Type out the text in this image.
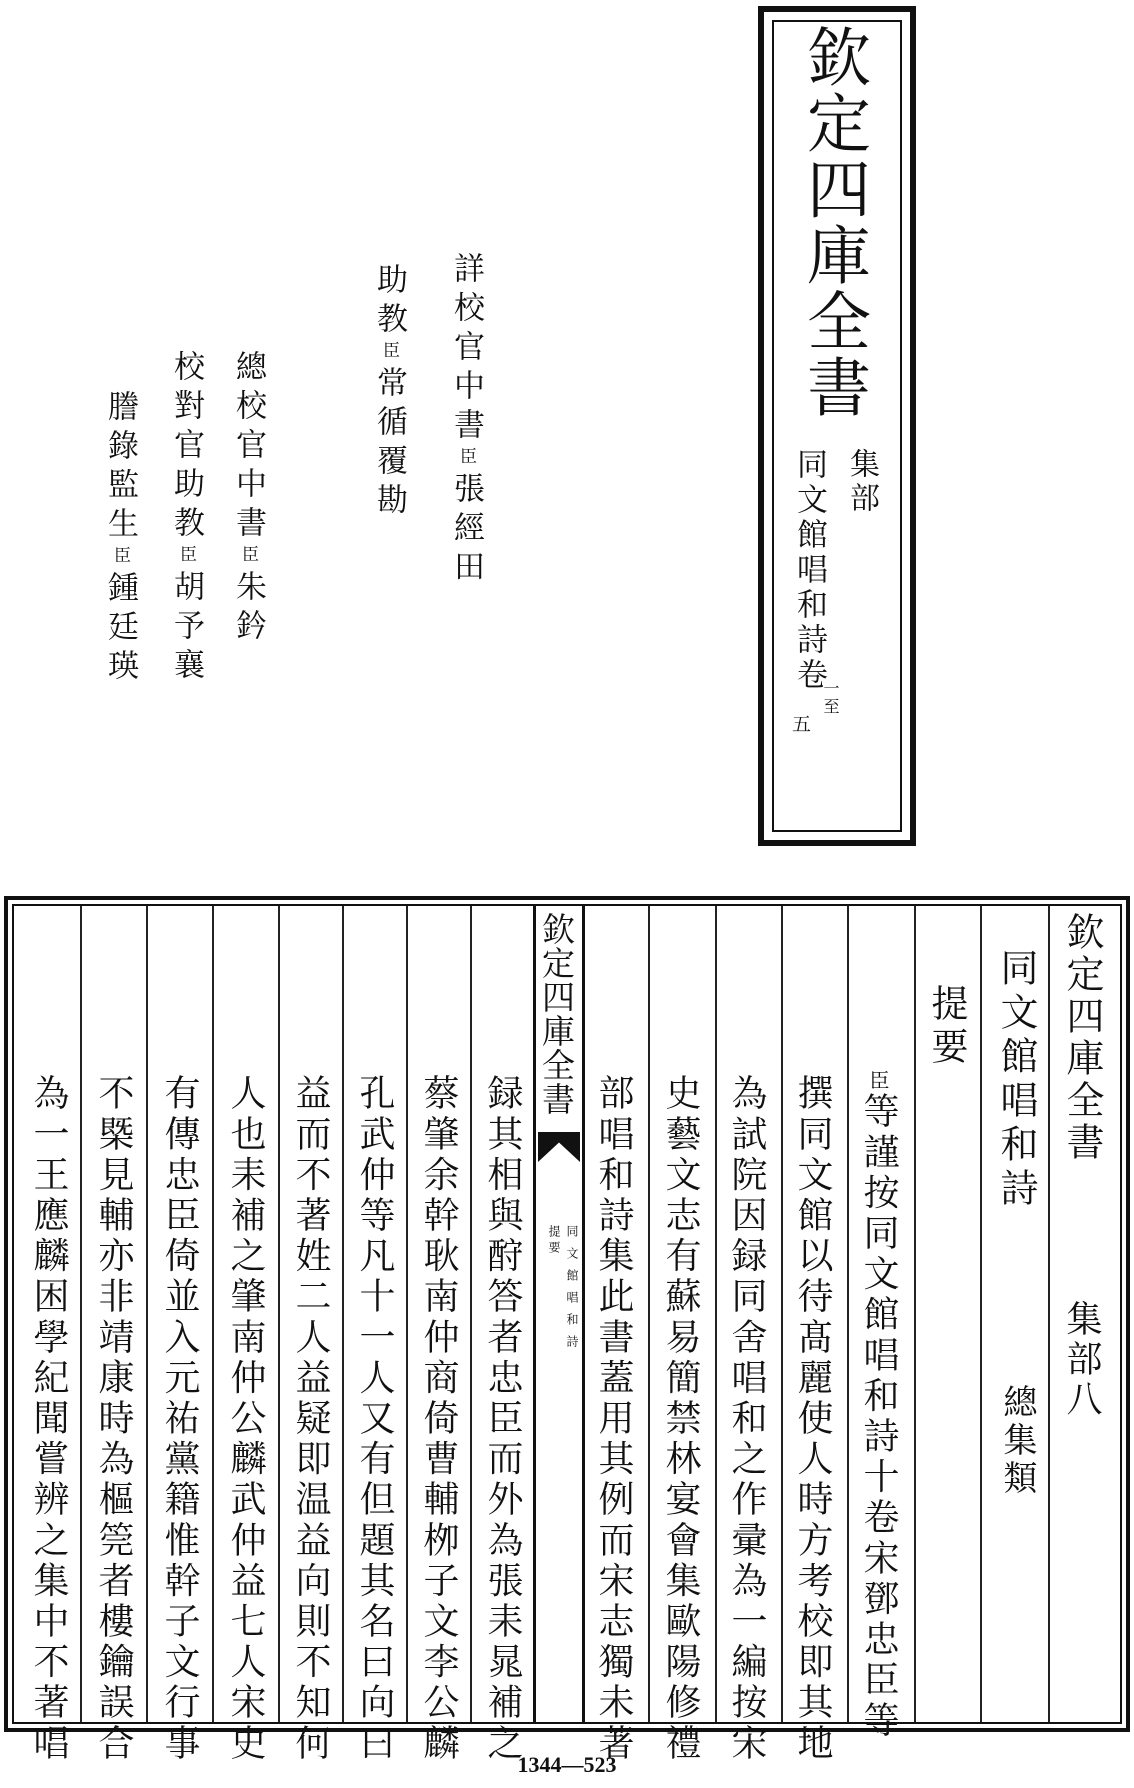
欽定四庫全書
集部
同文館唱和詩卷
一至
五
詳校官中書臣張經田
助教臣常循覆勘
總校官中書臣朱鈐
校對官助教臣胡予襄
謄錄監生臣鍾廷瑛
欽定四庫全書
集部八
同文館唱和詩
總集類
提要
臣等謹按同文館唱和詩十卷宋鄧忠臣等
撰同文館以待髙麗使人時方考校即其地
為試院因録同舍唱和之作彚為一編按宋
史藝文志有蘇易簡禁林宴會集歐陽修禮
部唱和詩集此書蓋用其例而宋志獨未著
欽定四庫全書
同文館唱和詩
提要
録其相與酧答者忠臣而外為張耒晁補之
蔡肇余幹耿南仲商倚曹輔栁子文李公麟
孔武仲等凡十一人又有但題其名曰向曰
益而不著姓二人益疑即温益向則不知何
人也耒補之肇南仲公麟武仲益七人宋史
有傳忠臣倚並入元祐黨籍惟幹子文行事
不槩見輔亦非靖康時為樞筦者樓鑰誤合
為一王應麟困學紀聞嘗辨之集中不著唱
1344—523
